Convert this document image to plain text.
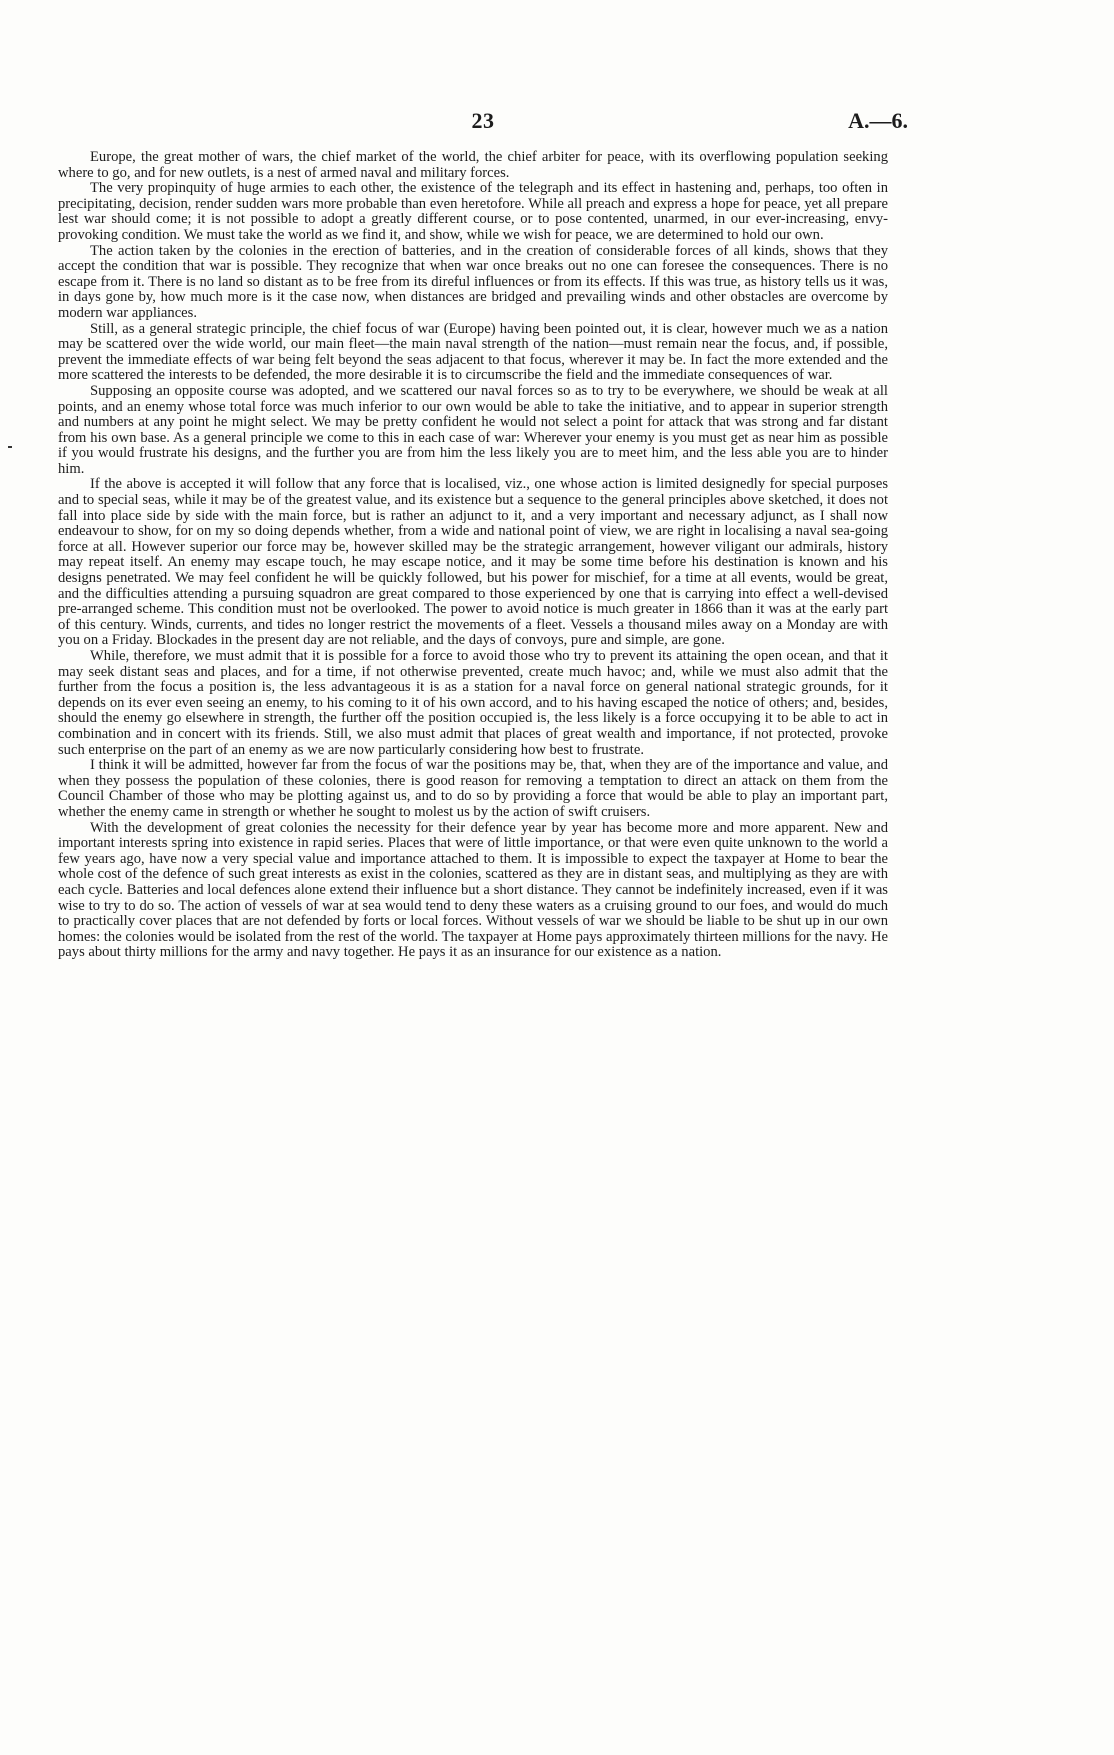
23	A.—6.

Europe, the great mother of wars, the chief market of the world, the chief arbiter for peace, with its overflowing population seeking where to go, and for new outlets, is a nest of armed naval and military forces.

The very propinquity of huge armies to each other, the existence of the telegraph and its effect in hastening and, perhaps, too often in precipitating, decision, render sudden wars more probable than even heretofore. While all preach and express a hope for peace, yet all prepare lest war should come; it is not possible to adopt a greatly different course, or to pose contented, unarmed, in our ever-increasing, envy-provoking condition. We must take the world as we find it, and show, while we wish for peace, we are determined to hold our own.

The action taken by the colonies in the erection of batteries, and in the creation of considerable forces of all kinds, shows that they accept the condition that war is possible. They recognize that when war once breaks out no one can foresee the consequences. There is no escape from it. There is no land so distant as to be free from its direful influences or from its effects. If this was true, as history tells us it was, in days gone by, how much more is it the case now, when distances are bridged and prevailing winds and other obstacles are overcome by modern war appliances.

Still, as a general strategic principle, the chief focus of war (Europe) having been pointed out, it is clear, however much we as a nation may be scattered over the wide world, our main fleet—the main naval strength of the nation—must remain near the focus, and, if possible, prevent the immediate effects of war being felt beyond the seas adjacent to that focus, wherever it may be. In fact the more extended and the more scattered the interests to be defended, the more desirable it is to circumscribe the field and the immediate consequences of war.

Supposing an opposite course was adopted, and we scattered our naval forces so as to try to be everywhere, we should be weak at all points, and an enemy whose total force was much inferior to our own would be able to take the initiative, and to appear in superior strength and numbers at any point he might select. We may be pretty confident he would not select a point for attack that was strong and far distant from his own base. As a general principle we come to this in each case of war: Wherever your enemy is you must get as near him as possible if you would frustrate his designs, and the further you are from him the less likely you are to meet him, and the less able you are to hinder him.

If the above is accepted it will follow that any force that is localised, viz., one whose action is limited designedly for special purposes and to special seas, while it may be of the greatest value, and its existence but a sequence to the general principles above sketched, it does not fall into place side by side with the main force, but is rather an adjunct to it, and a very important and necessary adjunct, as I shall now endeavour to show, for on my so doing depends whether, from a wide and national point of view, we are right in localising a naval sea-going force at all. However superior our force may be, however skilled may be the strategic arrangement, however viligant our admirals, history may repeat itself. An enemy may escape touch, he may escape notice, and it may be some time before his destination is known and his designs penetrated. We may feel confident he will be quickly followed, but his power for mischief, for a time at all events, would be great, and the difficulties attending a pursuing squadron are great compared to those experienced by one that is carrying into effect a well-devised pre-arranged scheme. This condition must not be overlooked. The power to avoid notice is much greater in 1866 than it was at the early part of this century. Winds, currents, and tides no longer restrict the movements of a fleet. Vessels a thousand miles away on a Monday are with you on a Friday. Blockades in the present day are not reliable, and the days of convoys, pure and simple, are gone.

While, therefore, we must admit that it is possible for a force to avoid those who try to prevent its attaining the open ocean, and that it may seek distant seas and places, and for a time, if not otherwise prevented, create much havoc; and, while we must also admit that the further from the focus a position is, the less advantageous it is as a station for a naval force on general national strategic grounds, for it depends on its ever even seeing an enemy, to his coming to it of his own accord, and to his having escaped the notice of others; and, besides, should the enemy go elsewhere in strength, the further off the position occupied is, the less likely is a force occupying it to be able to act in combination and in concert with its friends. Still, we also must admit that places of great wealth and importance, if not protected, provoke such enterprise on the part of an enemy as we are now particularly considering how best to frustrate.

I think it will be admitted, however far from the focus of war the positions may be, that, when they are of the importance and value, and when they possess the population of these colonies, there is good reason for removing a temptation to direct an attack on them from the Council Chamber of those who may be plotting against us, and to do so by providing a force that would be able to play an important part, whether the enemy came in strength or whether he sought to molest us by the action of swift cruisers.

With the development of great colonies the necessity for their defence year by year has become more and more apparent. New and important interests spring into existence in rapid series. Places that were of little importance, or that were even quite unknown to the world a few years ago, have now a very special value and importance attached to them. It is impossible to expect the taxpayer at Home to bear the whole cost of the defence of such great interests as exist in the colonies, scattered as they are in distant seas, and multiplying as they are with each cycle. Batteries and local defences alone extend their influence but a short distance. They cannot be indefinitely increased, even if it was wise to try to do so. The action of vessels of war at sea would tend to deny these waters as a cruising ground to our foes, and would do much to practically cover places that are not defended by forts or local forces. Without vessels of war we should be liable to be shut up in our own homes: the colonies would be isolated from the rest of the world. The taxpayer at Home pays approximately thirteen millions for the navy. He pays about thirty millions for the army and navy together. He pays it as an insurance for our existence as a nation.
